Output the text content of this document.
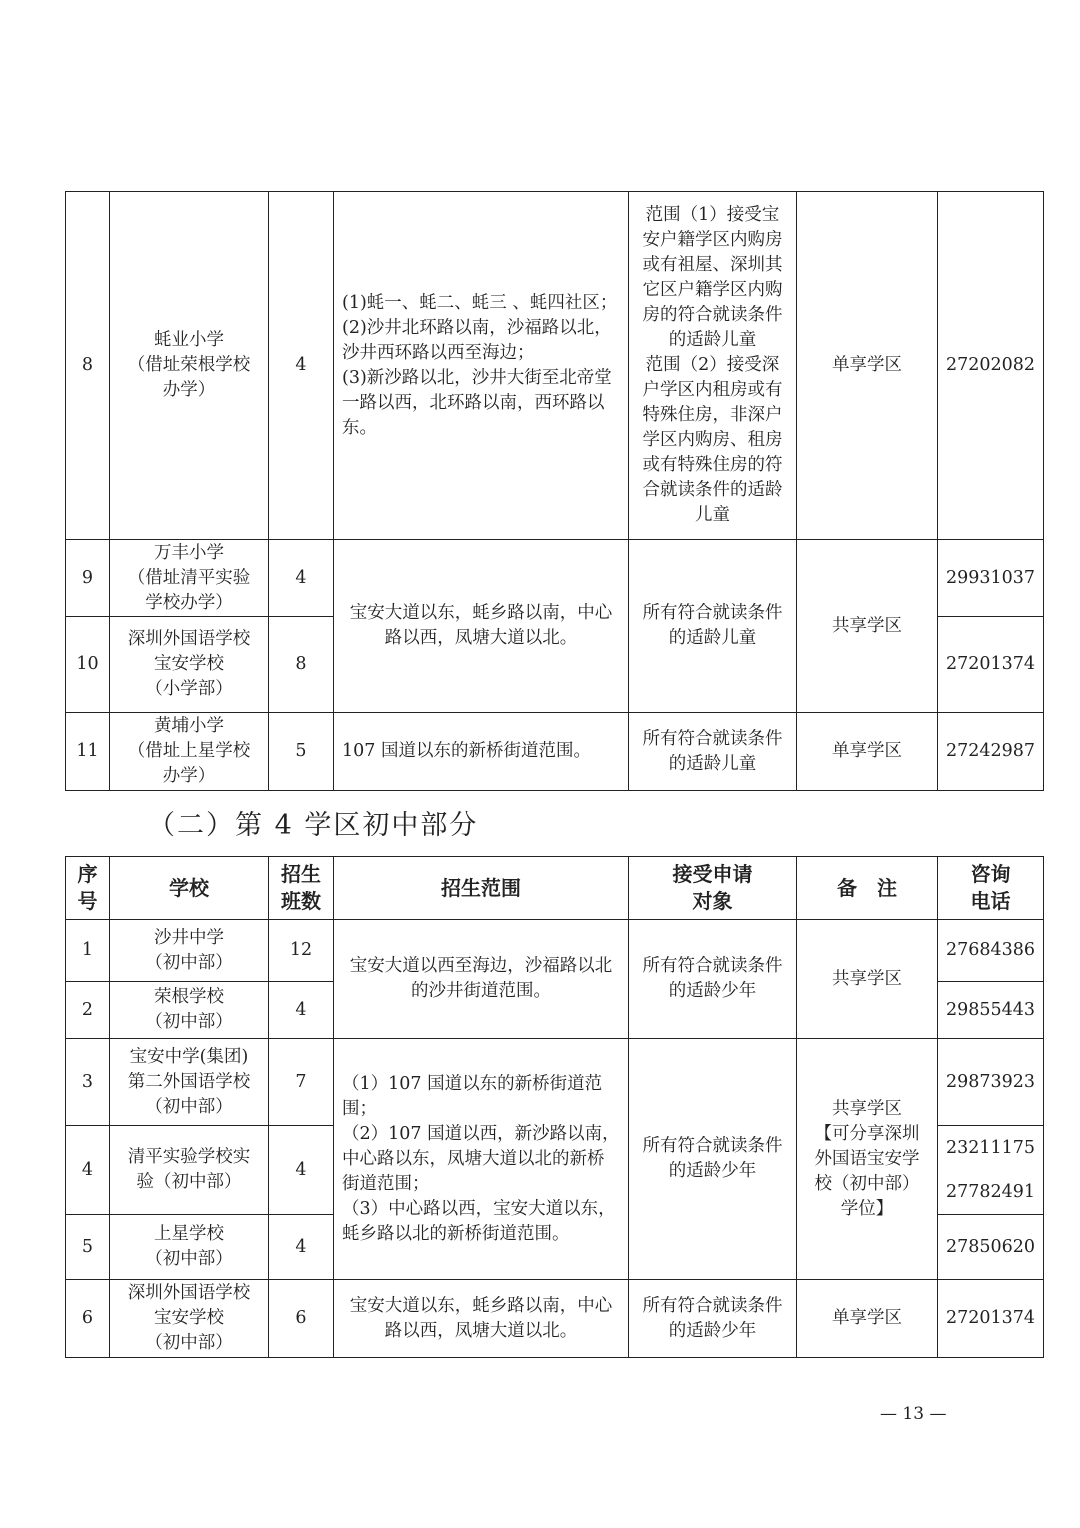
8	蚝业小学
（借址荣根学校
办学）	4	(1)蚝一、蚝二、蚝三 、蚝四社区；
(2)沙井北环路以南，沙福路以北，沙井西环路以西至海边；
(3)新沙路以北，沙井大街至北帝堂一路以西，北环路以南，西环路以东。	范围（1）接受宝安户籍学区内购房或有祖屋、深圳其它区户籍学区内购房的符合就读条件的适龄儿童
范围（2）接受深户学区内租房或有特殊住房，非深户学区内购房、租房或有特殊住房的符合就读条件的适龄儿童	单享学区	27202082
9	万丰小学
（借址清平实验
学校办学）	4	宝安大道以东，蚝乡路以南，中心路以西，凤塘大道以北。	所有符合就读条件的适龄儿童	共享学区	29931037
10	深圳外国语学校
宝安学校
（小学部）	8				27201374
11	黄埔小学
（借址上星学校
办学）	5	107 国道以东的新桥街道范围。	所有符合就读条件的适龄儿童	单享学区	27242987
（二）第 4 学区初中部分
序
号	学校	招生
班数	招生范围	接受申请
对象	备　注	咨询
电话

1	沙井中学
（初中部）	12	宝安大道以西至海边，沙福路以北的沙井街道范围。	所有符合就读条件的适龄少年	共享学区	27684386
2	荣根学校
（初中部）	4				29855443
3	宝安中学(集团)
第二外国语学校
（初中部）	7	（1）107 国道以东的新桥街道范围；
（2）107 国道以西，新沙路以南，中心路以东，凤塘大道以北的新桥街道范围；
（3）中心路以西，宝安大道以东，蚝乡路以北的新桥街道范围。	所有符合就读条件的适龄少年	共享学区
【可分享深圳外国语宝安学校（初中部）学位】	29873923
4	清平实验学校实
验（初中部）	4				23211175
27782491

5	上星学校
（初中部）	4				27850620
6	深圳外国语学校
宝安学校
（初中部）	6	宝安大道以东，蚝乡路以南，中心路以西，凤塘大道以北。	所有符合就读条件的适龄少年	单享学区	27201374
— 13 —
